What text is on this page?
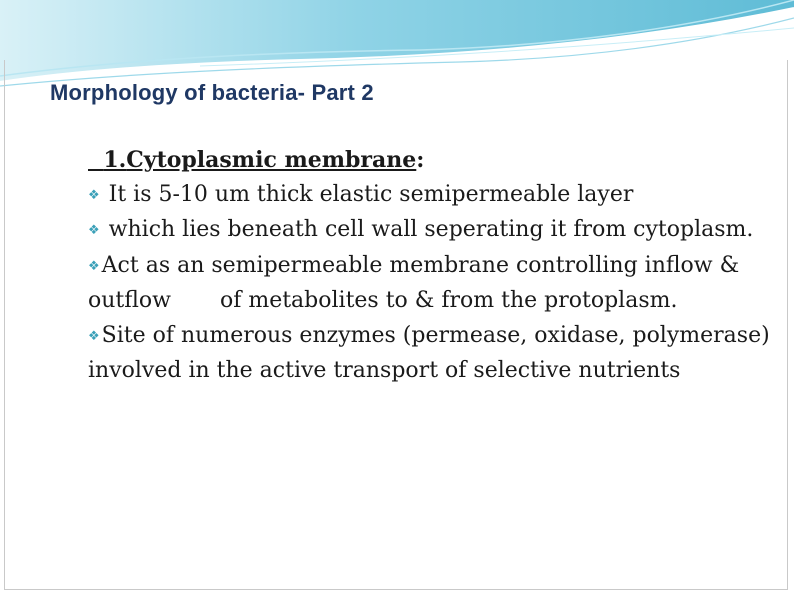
Morphology of bacteria- Part 2
1.Cytoplasmic membrane:
❖ It is 5-10 um thick elastic semipermeable layer
❖ which lies beneath cell wall seperating it from cytoplasm.
❖Act as an semipermeable membrane controlling inflow & outflow       of metabolites to & from the protoplasm.
❖Site of numerous enzymes (permease, oxidase, polymerase) involved in the active transport of selective nutrients
